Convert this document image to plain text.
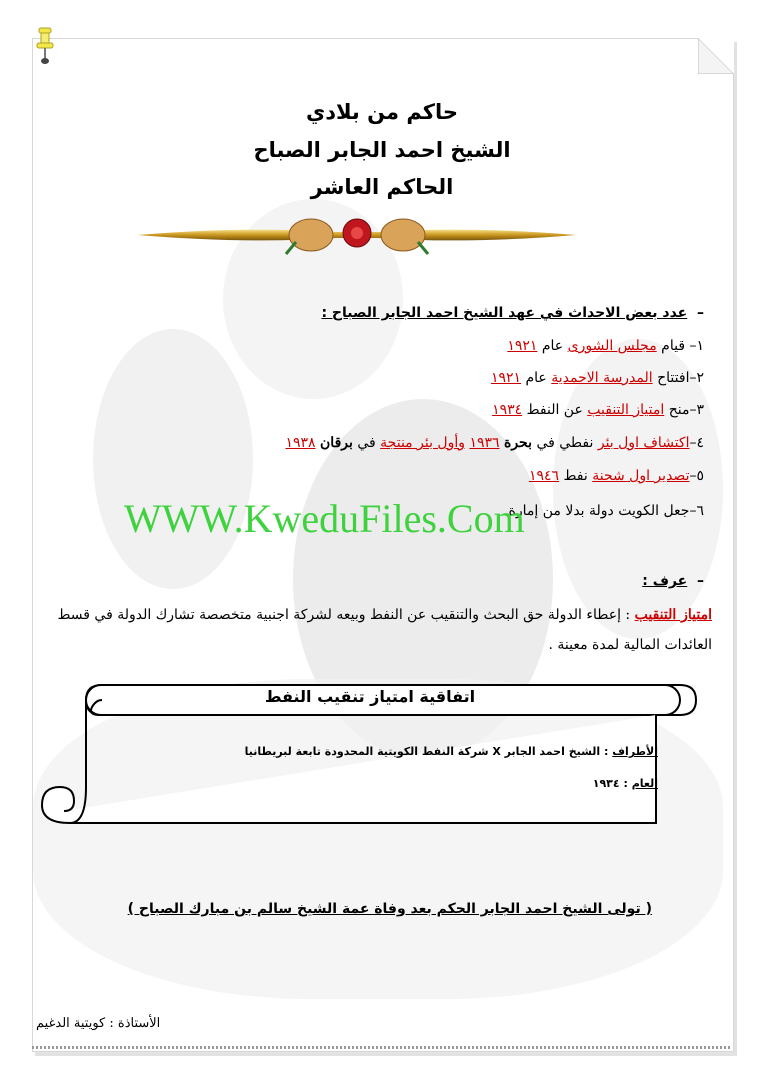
حاكم من بلادي
الشيخ احمد الجابر الصباح
الحاكم العاشر
–  عدد بعض الاحداث في عهد الشيخ احمد الجابر الصباح :
١– قيام مجلس الشورى عام ١٩٢١
٢–افتتاح المدرسة الاحمدية عام ١٩٢١
٣–منح امتياز التنقيب عن النفط ١٩٣٤
٤–اكتشاف اول بئر نفطي في بحرة ١٩٣٦ وأول بئر منتجة في برقان ١٩٣٨
٥–تصدير اول شحنة نفط ١٩٤٦
٦–جعل الكويت دولة بدلا من إمارة
WWW.KweduFiles.Com
–  عرف :
امتياز التنقيب : إعطاء الدولة حق البحث والتنقيب عن النفط وبيعه لشركة اجنبية متخصصة تشارك الدولة في قسط العائدات المالية لمدة معينة .
اتفاقية امتياز تنقيب النفط
الأطراف : الشيخ احمد الجابر X شركة النفط الكويتية المحدودة تابعة لبريطانيا
العام : ١٩٣٤
( تولى الشيخ احمد الجابر الحكم بعد وفاة عمة الشيخ سالم بن مبارك الصباح )
الأستاذة : كويتية الدغيم
